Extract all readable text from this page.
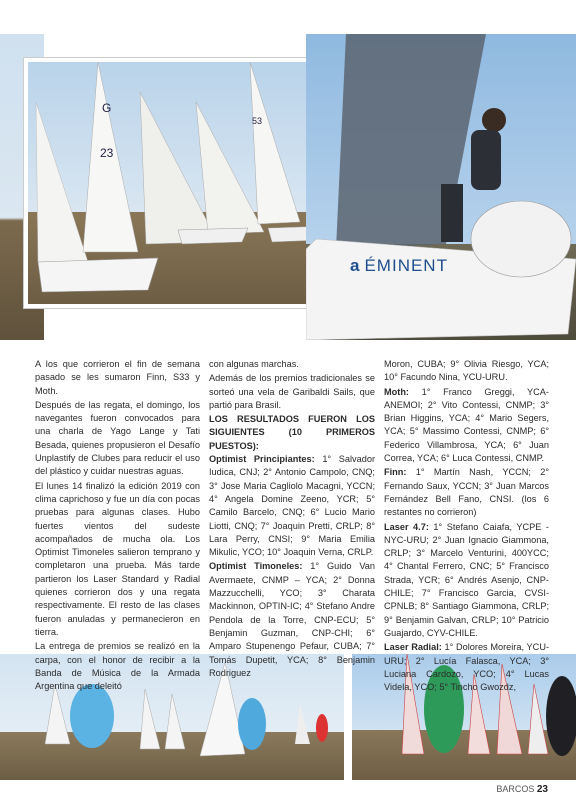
23
G
53
a ÉMINENT

A los que corrieron el fin de semana pasado se les sumaron Finn, S33 y Moth.

Después de las regata, el domingo, los navegantes fueron convocados para una charla de Yago Lange y Tati Besada, quienes propusieron el Desafío Unplastify de Clubes para reducir el uso del plástico y cuidar nuestras aguas.

El lunes 14 finalizó la edición 2019 con clima caprichoso y fue un día con pocas pruebas para algunas clases. Hubo fuertes vientos del sudeste acompañados de mucha ola. Los Optimist Timoneles salieron temprano y completaron una prueba. Más tarde partieron los Laser Standard y Radial quienes corrieron dos y una regata respectivamente. El resto de las clases fueron anuladas y permanecieron en tierra.

La entrega de premios se realizó en la carpa, con el honor de recibir a la Banda de Música de la Armada Argentina que deleitó

con algunas marchas.

Además de los premios tradicionales se sorteó una vela de Garibaldi Sails, que partió para Brasil.

LOS RESULTADOS FUERON LOS SIGUIENTES (10 PRIMEROS PUESTOS):

Optimist Principiantes: 1° Salvador Iudica, CNJ; 2° Antonio Campolo, CNQ; 3° Jose Maria Cagliolo Macagni, YCCN; 4° Angela Domine Zeeno, YCR; 5° Camilo Barcelo, CNQ; 6° Lucio Mario Liotti, CNQ; 7° Joaquin Pretti, CRLP; 8° Lara Perry, CNSI; 9° Maria Emilia Mikulic, YCO; 10° Joaquin Verna, CRLP.

Optimist Timoneles: 1° Guido Van Avermaete, CNMP – YCA; 2° Donna Mazzucchelli, YCO; 3° Charata Mackinnon, OPTIN-IC; 4° Stefano Andre Pendola de la Torre, CNP-ECU; 5° Benjamin Guzman, CNP-CHI; 6° Amparo Stupenengo Pefaur, CUBA; 7° Tomás Dupetit, YCA; 8° Benjamin Rodriguez

Moron, CUBA; 9° Olivia Riesgo, YCA; 10° Facundo Nina, YCU-URU.

Moth: 1° Franco Greggi, YCA- ANEMOI; 2° Vito Contessi, CNMP; 3° Brian Higgins, YCA; 4° Mario Segers, YCA; 5° Massimo Contessi, CNMP; 6° Federico Villambrosa, YCA; 6° Juan Correa, YCA; 6° Luca Contessi, CNMP.

Finn: 1° Martín Nash, YCCN; 2° Fernando Saux, YCCN; 3° Juan Marcos Fernández Bell Fano, CNSI. (los 6 restantes no corrieron)

Laser 4.7: 1° Stefano Caiafa, YCPE - NYC-URU; 2° Juan Ignacio Giammona, CRLP; 3° Marcelo Venturini, 400YCC; 4° Chantal Ferrero, CNC; 5° Francisco Strada, YCR; 6° Andrés Asenjo, CNP-CHILE; 7° Francisco Garcia, CVSI-CPNLB; 8° Santiago Giammona, CRLP; 9° Benjamin Galvan, CRLP; 10° Patricio Guajardo, CYV-CHILE.

Laser Radial: 1° Dolores Moreira, YCU-URU; 2° Lucía Falasca, YCA; 3° Luciana Cardozo, YCO; 4° Lucas Videla, YCO; 5° Tincho Gwozdz,

BARCOS 23
